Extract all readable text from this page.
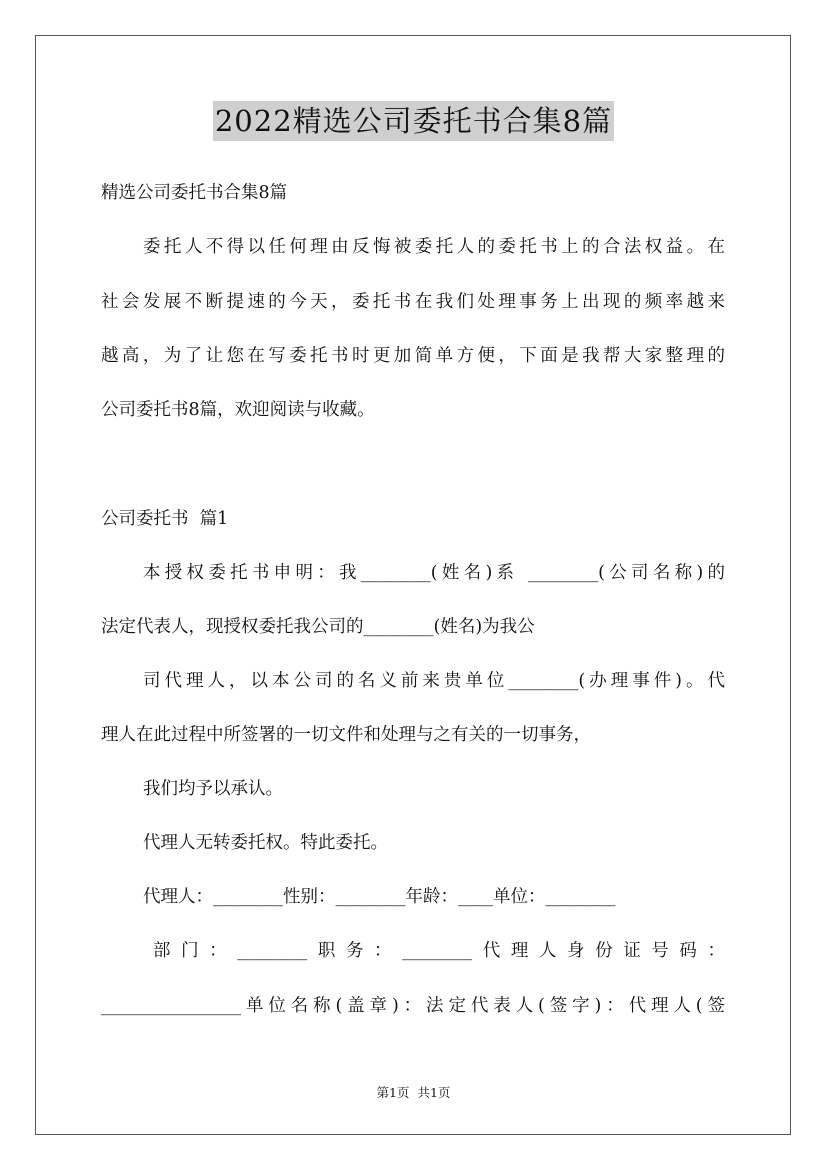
2022精选公司委托书合集8篇
精选公司委托书合集8篇
委托人不得以任何理由反悔被委托人的委托书上的合法权益。在
社会发展不断提速的今天，委托书在我们处理事务上出现的频率越来
越高，为了让您在写委托书时更加简单方便，下面是我帮大家整理的
公司委托书8篇，欢迎阅读与收藏。
公司委托书  篇1
本授权委托书申明：我________(姓名)系 ________(公司名称)的
法定代表人，现授权委托我公司的________(姓名)为我公
司代理人，以本公司的名义前来贵单位________(办理事件)。代
理人在此过程中所签署的一切文件和处理与之有关的一切事务，
我们均予以承认。
代理人无转委托权。特此委托。
代理人：________性别：________年龄：____单位：________
部门：________职务：________代理人身份证号码：
________________单位名称(盖章)：法定代表人(签字)：代理人(签
第1页 共1页
